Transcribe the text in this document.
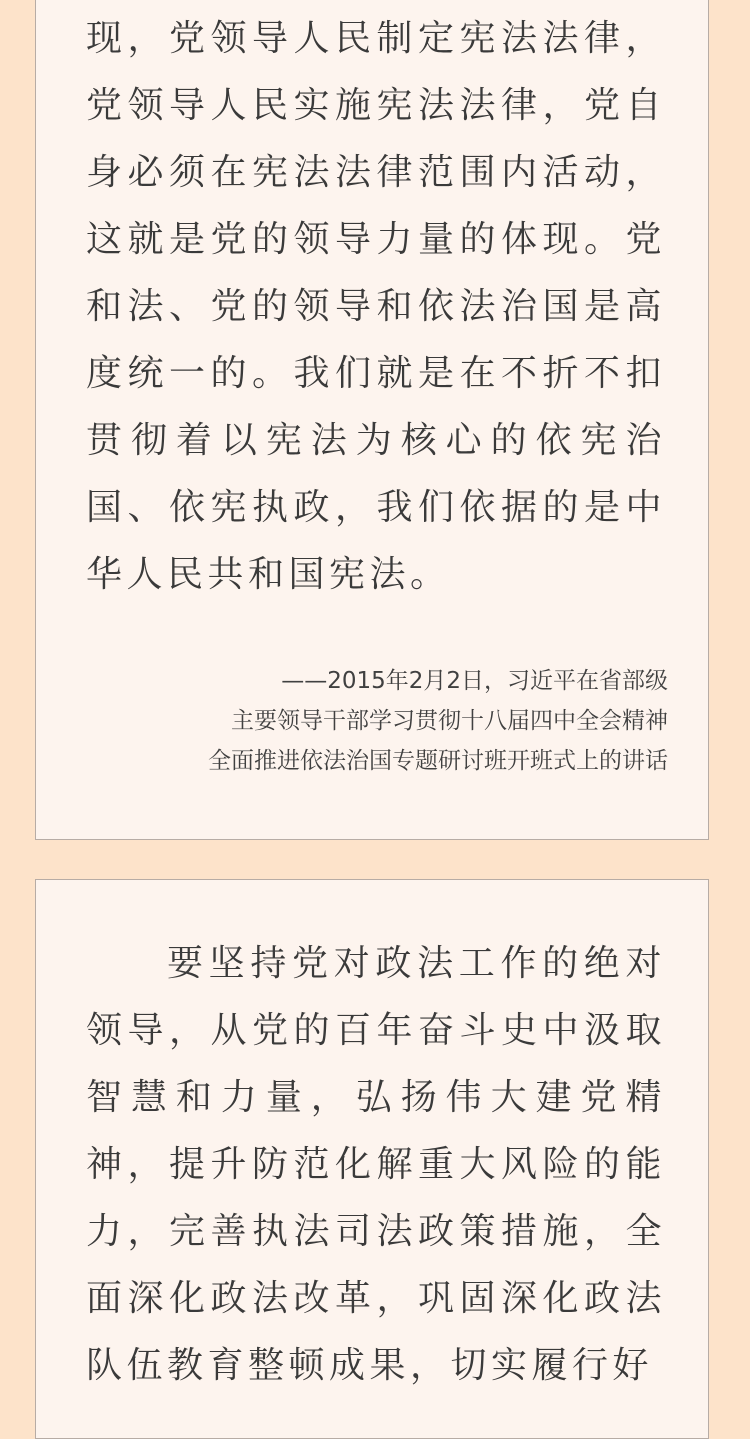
现，党领导人民制定宪法法律，党领导人民实施宪法法律，党自身必须在宪法法律范围内活动，这就是党的领导力量的体现。党和法、党的领导和依法治国是高度统一的。我们就是在不折不扣贯彻着以宪法为核心的依宪治国、依宪执政，我们依据的是中华人民共和国宪法。

——2015年2月2日，习近平在省部级
主要领导干部学习贯彻十八届四中全会精神
全面推进依法治国专题研讨班开班式上的讲话

要坚持党对政法工作的绝对领导，从党的百年奋斗史中汲取智慧和力量，弘扬伟大建党精神，提升防范化解重大风险的能力，完善执法司法政策措施，全面深化政法改革，巩固深化政法队伍教育整顿成果，切实履行好
